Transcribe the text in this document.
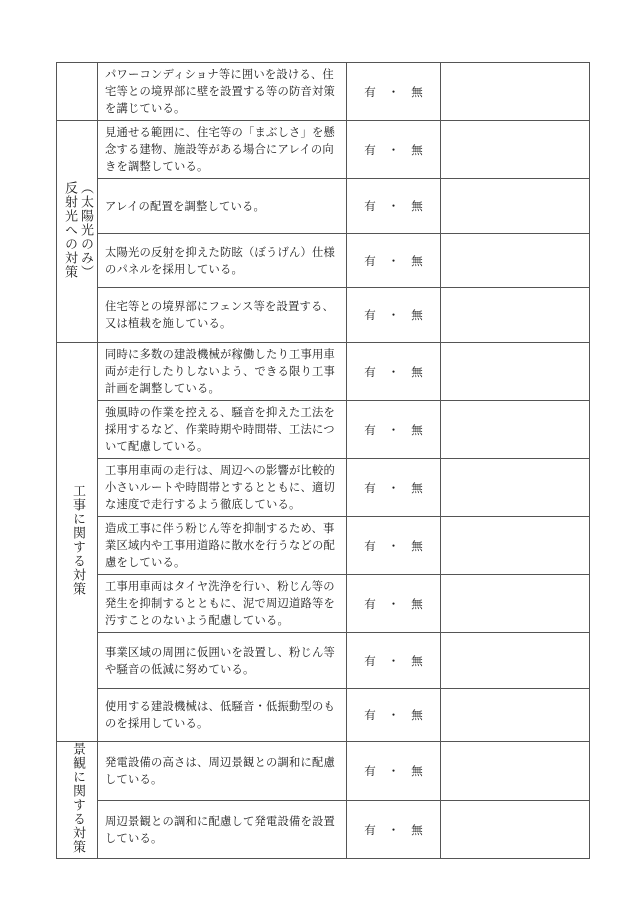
	パワーコンディショナ等に囲いを設ける、住宅等との境界部に壁を設置する等の防音対策を講じている。	有 ・ 無	
反射光への対策（太陽光のみ）	見通せる範囲に、住宅等の「まぶしさ」を懸念する建物、施設等がある場合にアレイの向きを調整している。	有 ・ 無	
	アレイの配置を調整している。	有 ・ 無	
	太陽光の反射を抑えた防眩（ぼうげん）仕様のパネルを採用している。	有 ・ 無	
	住宅等との境界部にフェンス等を設置する、又は植栽を施している。	有 ・ 無	
工事に関する対策	同時に多数の建設機械が稼働したり工事用車両が走行したりしないよう、できる限り工事計画を調整している。	有 ・ 無	
	強風時の作業を控える、騒音を抑えた工法を採用するなど、作業時期や時間帯、工法について配慮している。	有 ・ 無	
	工事用車両の走行は、周辺への影響が比較的小さいルートや時間帯とするとともに、適切な速度で走行するよう徹底している。	有 ・ 無	
	造成工事に伴う粉じん等を抑制するため、事業区域内や工事用道路に散水を行うなどの配慮をしている。	有 ・ 無	
	工事用車両はタイヤ洗浄を行い、粉じん等の発生を抑制するとともに、泥で周辺道路等を汚すことのないよう配慮している。	有 ・ 無	
	事業区域の周囲に仮囲いを設置し、粉じん等や騒音の低減に努めている。	有 ・ 無	
	使用する建設機械は、低騒音・低振動型のものを採用している。	有 ・ 無	
景観に関する対策	発電設備の高さは、周辺景観との調和に配慮している。	有 ・ 無	
	周辺景観との調和に配慮して発電設備を設置している。	有 ・ 無	
